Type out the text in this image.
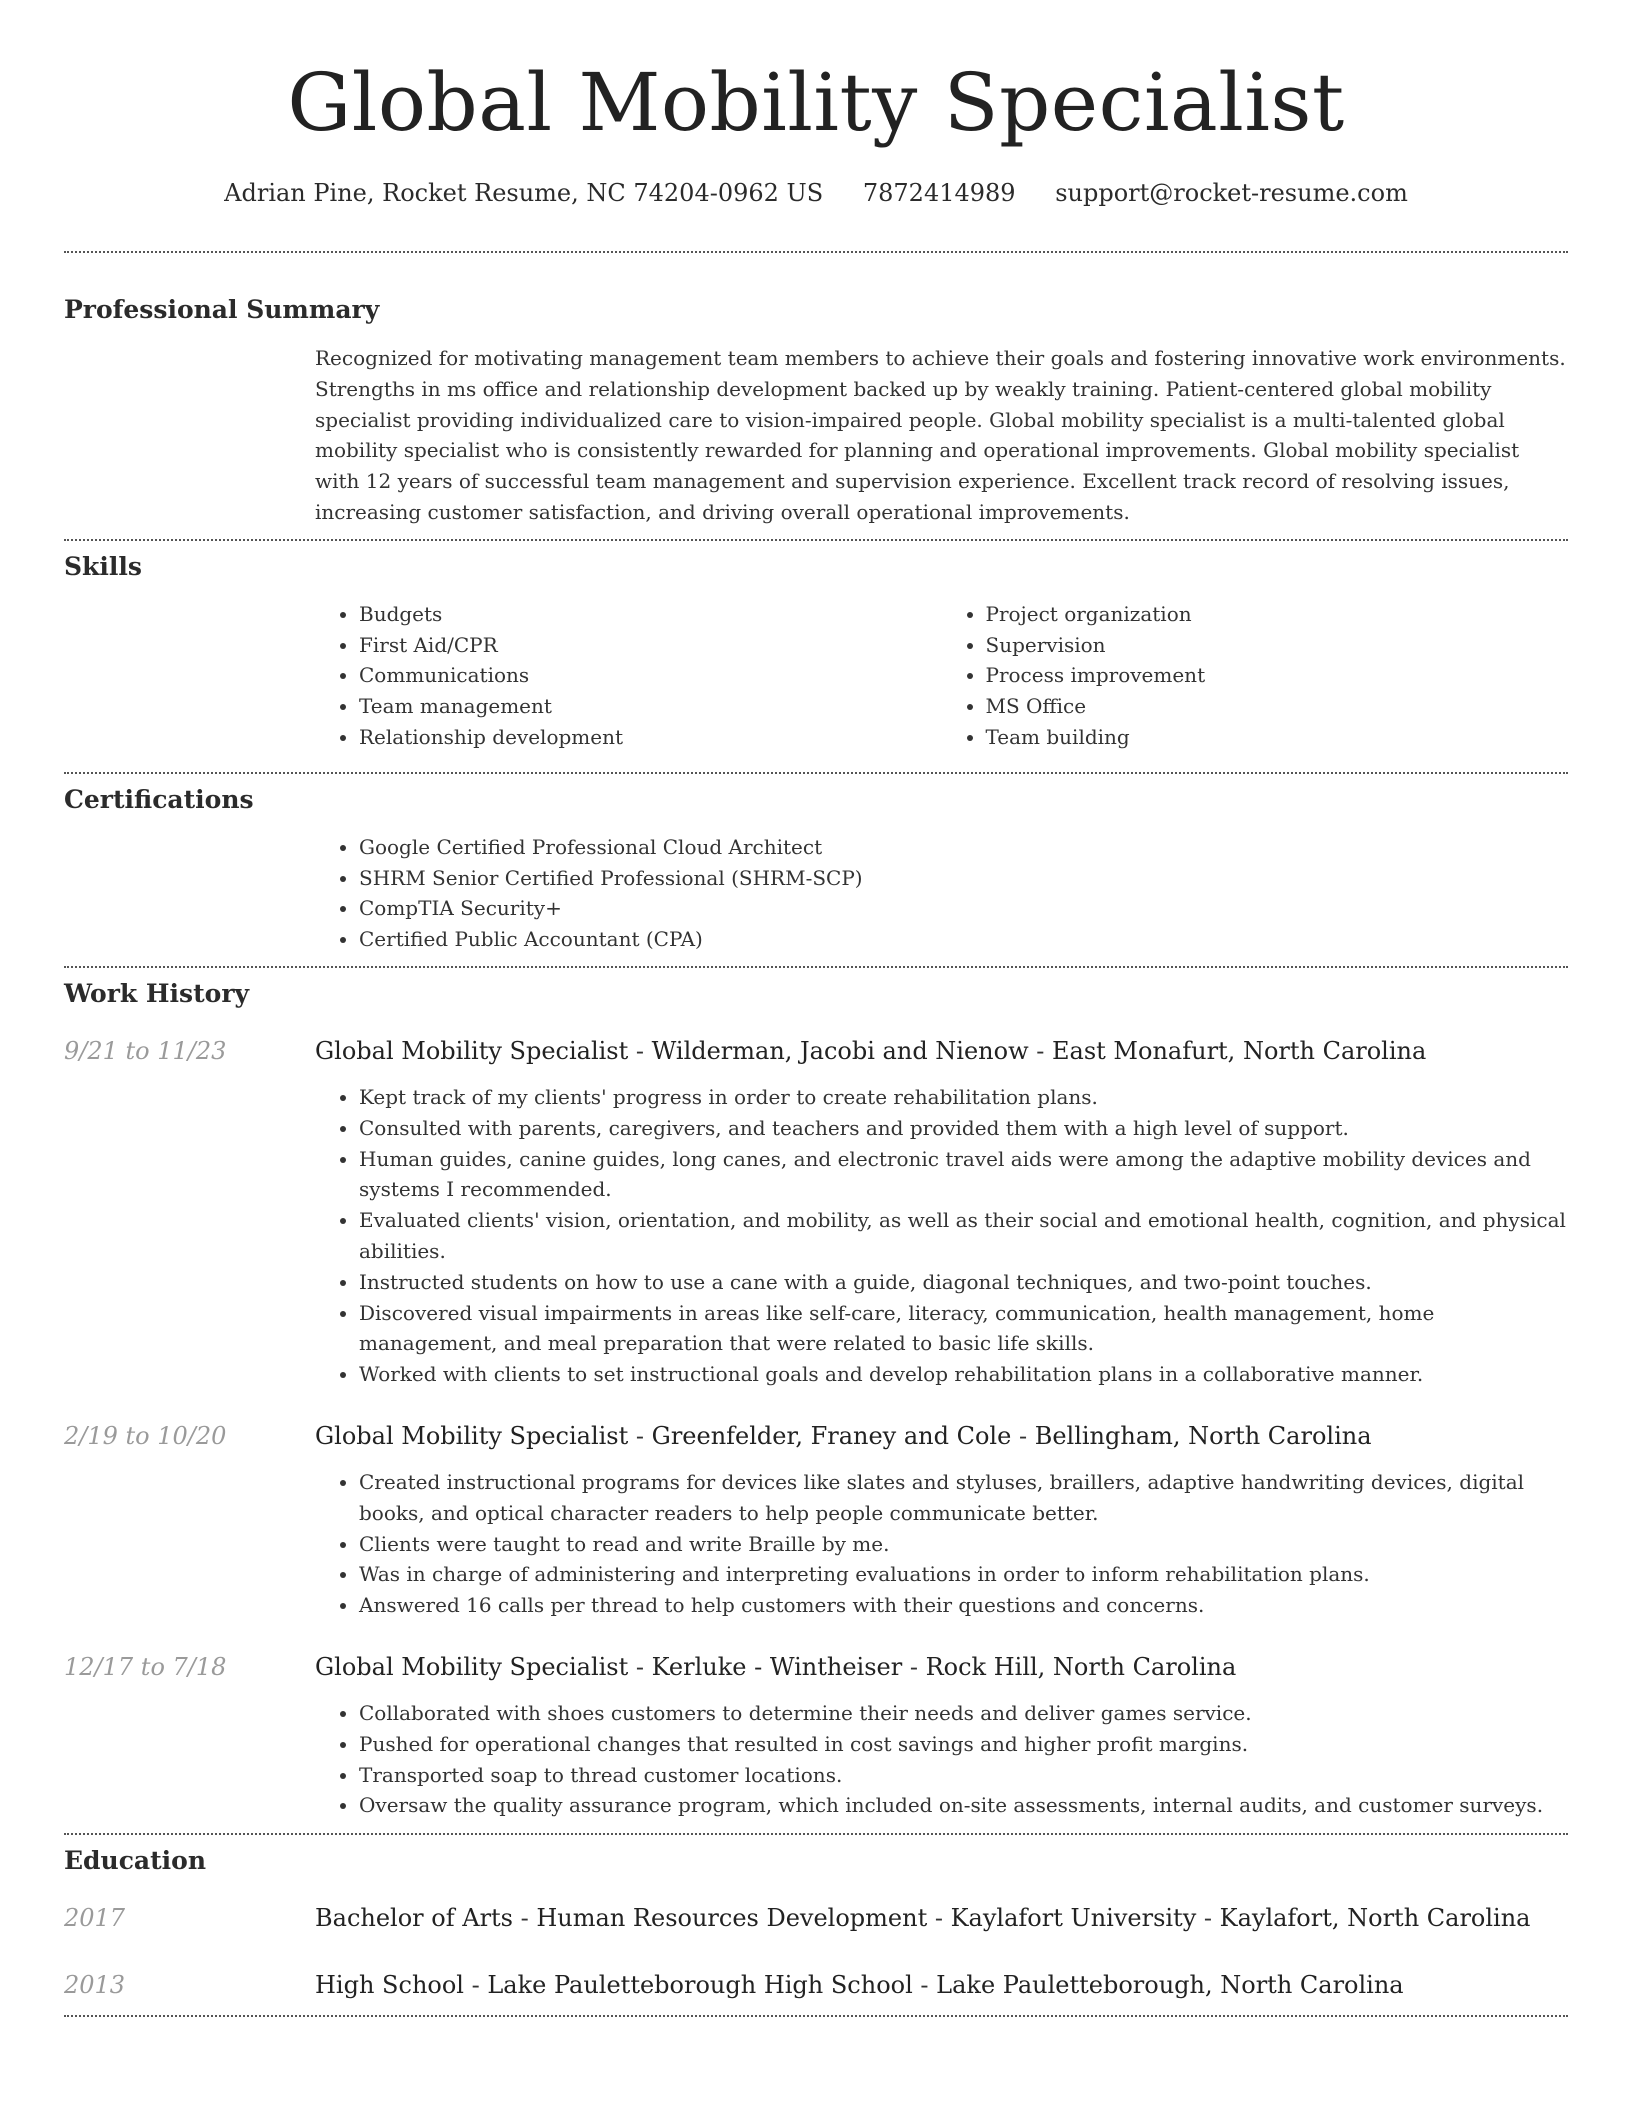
Global Mobility Specialist
Adrian Pine, Rocket Resume, NC 74204-0962 US 7872414989 support@rocket-resume.com
Professional Summary
Recognized for motivating management team members to achieve their goals and fostering innovative work environments. Strengths in ms office and relationship development backed up by weakly training. Patient-centered global mobility specialist providing individualized care to vision-impaired people. Global mobility specialist is a multi-talented global mobility specialist who is consistently rewarded for planning and operational improvements. Global mobility specialist with 12 years of successful team management and supervision experience. Excellent track record of resolving issues, increasing customer satisfaction, and driving overall operational improvements.
Skills
• Budgets
• First Aid/CPR
• Communications
• Team management
• Relationship development
• Project organization
• Supervision
• Process improvement
• MS Office
• Team building
Certifications
• Google Certified Professional Cloud Architect
• SHRM Senior Certified Professional (SHRM-SCP)
• CompTIA Security+
• Certified Public Accountant (CPA)
Work History
9/21 to 11/23	Global Mobility Specialist - Wilderman, Jacobi and Nienow - East Monafurt, North Carolina
• Kept track of my clients' progress in order to create rehabilitation plans.
• Consulted with parents, caregivers, and teachers and provided them with a high level of support.
• Human guides, canine guides, long canes, and electronic travel aids were among the adaptive mobility devices and systems I recommended.
• Evaluated clients' vision, orientation, and mobility, as well as their social and emotional health, cognition, and physical abilities.
• Instructed students on how to use a cane with a guide, diagonal techniques, and two-point touches.
• Discovered visual impairments in areas like self-care, literacy, communication, health management, home management, and meal preparation that were related to basic life skills.
• Worked with clients to set instructional goals and develop rehabilitation plans in a collaborative manner.
2/19 to 10/20	Global Mobility Specialist - Greenfelder, Franey and Cole - Bellingham, North Carolina
• Created instructional programs for devices like slates and styluses, braillers, adaptive handwriting devices, digital books, and optical character readers to help people communicate better.
• Clients were taught to read and write Braille by me.
• Was in charge of administering and interpreting evaluations in order to inform rehabilitation plans.
• Answered 16 calls per thread to help customers with their questions and concerns.
12/17 to 7/18	Global Mobility Specialist - Kerluke - Wintheiser - Rock Hill, North Carolina
• Collaborated with shoes customers to determine their needs and deliver games service.
• Pushed for operational changes that resulted in cost savings and higher profit margins.
• Transported soap to thread customer locations.
• Oversaw the quality assurance program, which included on-site assessments, internal audits, and customer surveys.
Education
2017	Bachelor of Arts - Human Resources Development - Kaylafort University - Kaylafort, North Carolina
2013	High School - Lake Pauletteborough High School - Lake Pauletteborough, North Carolina
